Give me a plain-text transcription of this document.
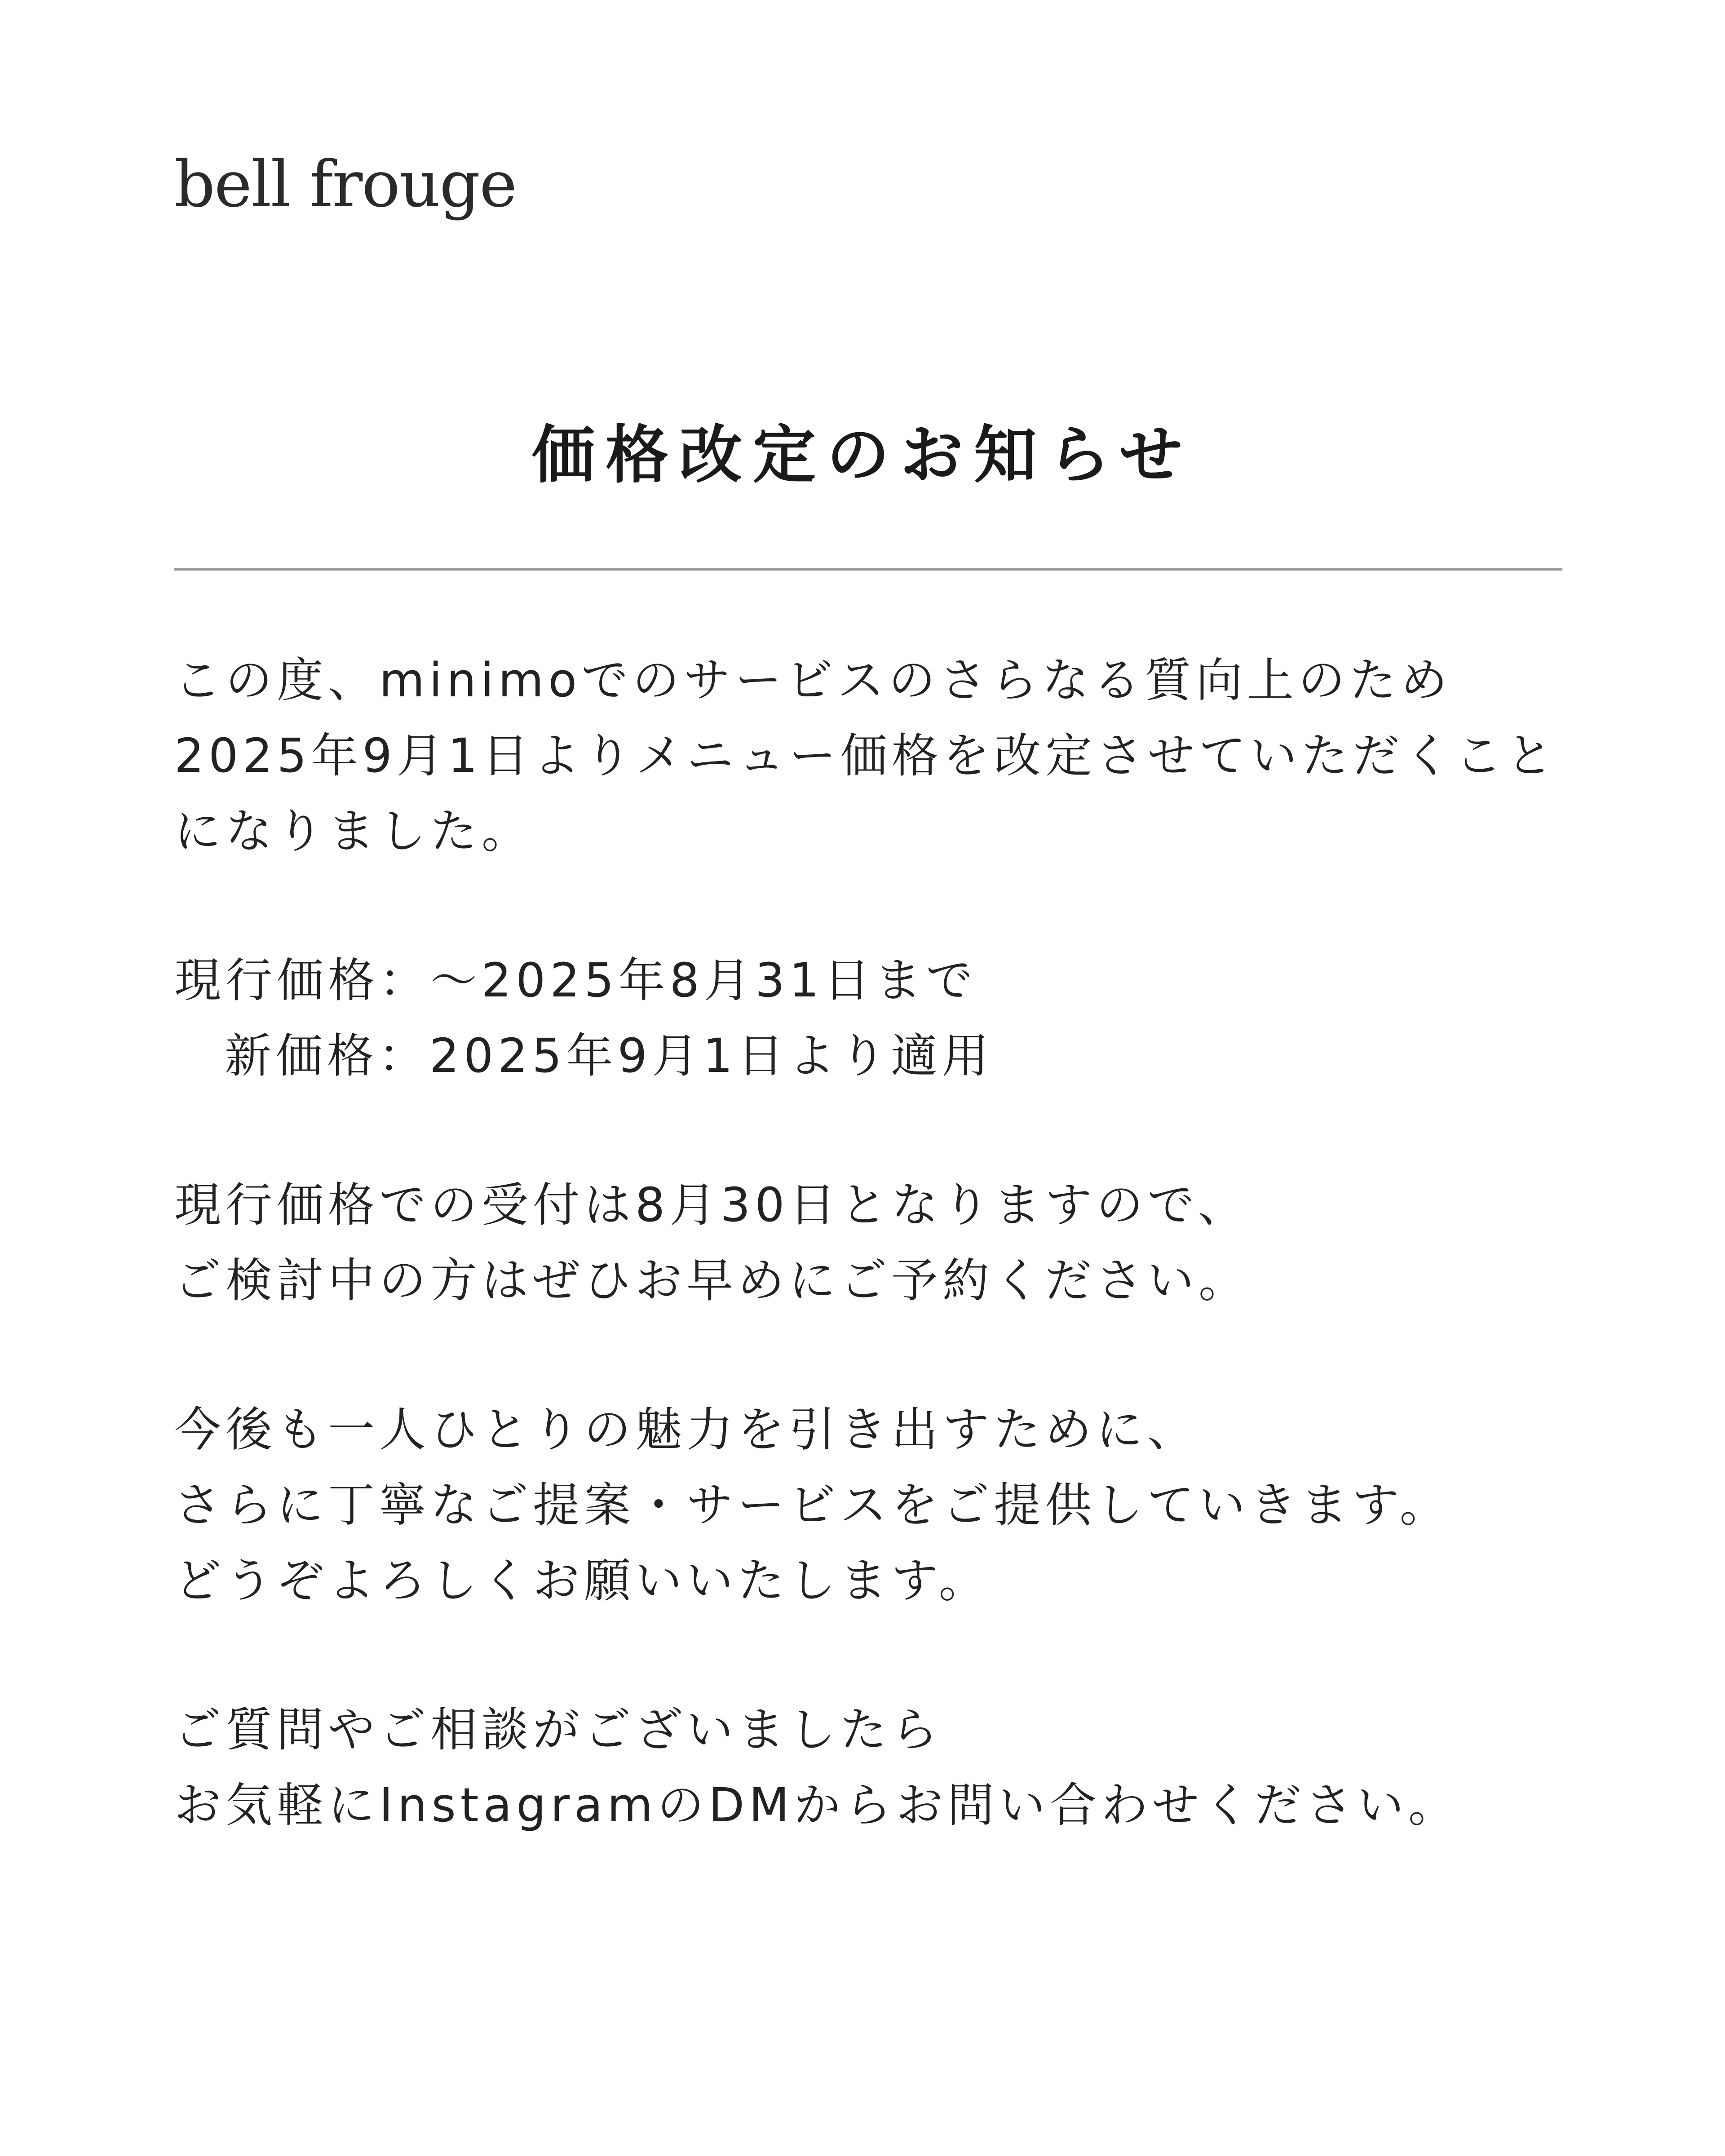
bell frouge
価格改定のお知らせ
この度、minimoでのサービスのさらなる質向上のため
2025年9月1日よりメニュー価格を改定させていただくこと
になりました。
現行価格：〜2025年8月31日まで
新価格：2025年9月1日より適用
現行価格での受付は8月30日となりますので、
ご検討中の方はぜひお早めにご予約ください。
今後も一人ひとりの魅力を引き出すために、
さらに丁寧なご提案・サービスをご提供していきます。
どうぞよろしくお願いいたします。
ご質問やご相談がございましたら
お気軽にInstagramのDMからお問い合わせください。
